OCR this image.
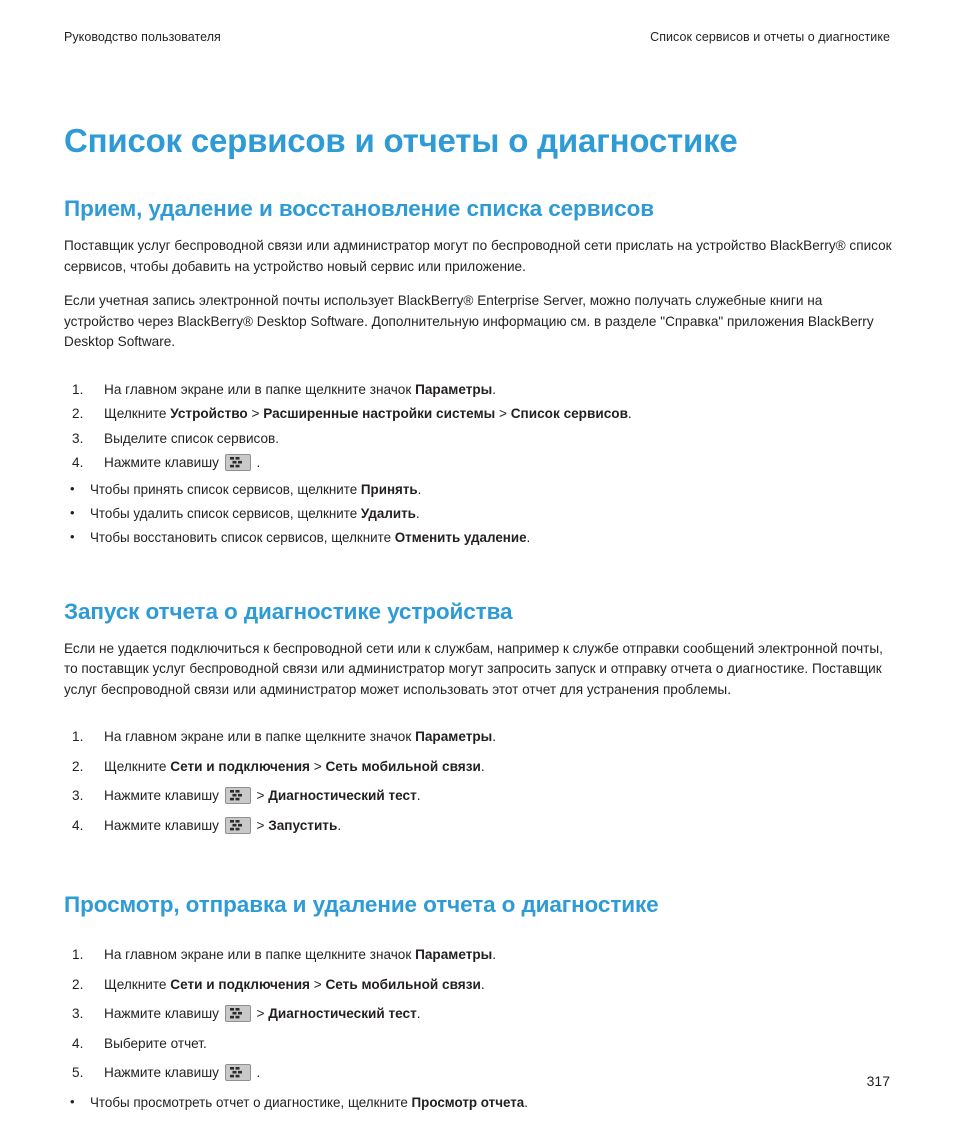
Руководство пользователя	Список сервисов и отчеты о диагностике
Список сервисов и отчеты о диагностике
Прием, удаление и восстановление списка сервисов

Поставщик услуг беспроводной связи или администратор могут по беспроводной сети прислать на устройство BlackBerry® список сервисов, чтобы добавить на устройство новый сервис или приложение.

Если учетная запись электронной почты использует BlackBerry® Enterprise Server, можно получать служебные книги на устройство через BlackBerry® Desktop Software. Дополнительную информацию см. в разделе "Справка" приложения BlackBerry Desktop Software.

На главном экране или в папке щелкните значок Параметры.
Щелкните Устройство > Расширенные настройки системы > Список сервисов.
Выделите список сервисов.
Нажмите клавишу
.
• Чтобы принять список сервисов, щелкните Принять.
• Чтобы удалить список сервисов, щелкните Удалить.
• Чтобы восстановить список сервисов, щелкните Отменить удаление.
Запуск отчета о диагностике устройства

Если не удается подключиться к беспроводной сети или к службам, например к службе отправки сообщений электронной почты, то поставщик услуг беспроводной связи или администратор могут запросить запуск и отправку отчета о диагностике. Поставщик услуг беспроводной связи или администратор может использовать этот отчет для устранения проблемы.

На главном экране или в папке щелкните значок Параметры.
Щелкните Сети и подключения > Сеть мобильной связи.
Нажмите клавишу
> Диагностический тест.
Нажмите клавишу
> Запустить.
Просмотр, отправка и удаление отчета о диагностике
На главном экране или в папке щелкните значок Параметры.
Щелкните Сети и подключения > Сеть мобильной связи.
Нажмите клавишу
> Диагностический тест.
Выберите отчет.
Нажмите клавишу
.
• Чтобы просмотреть отчет о диагностике, щелкните Просмотр отчета.
317
